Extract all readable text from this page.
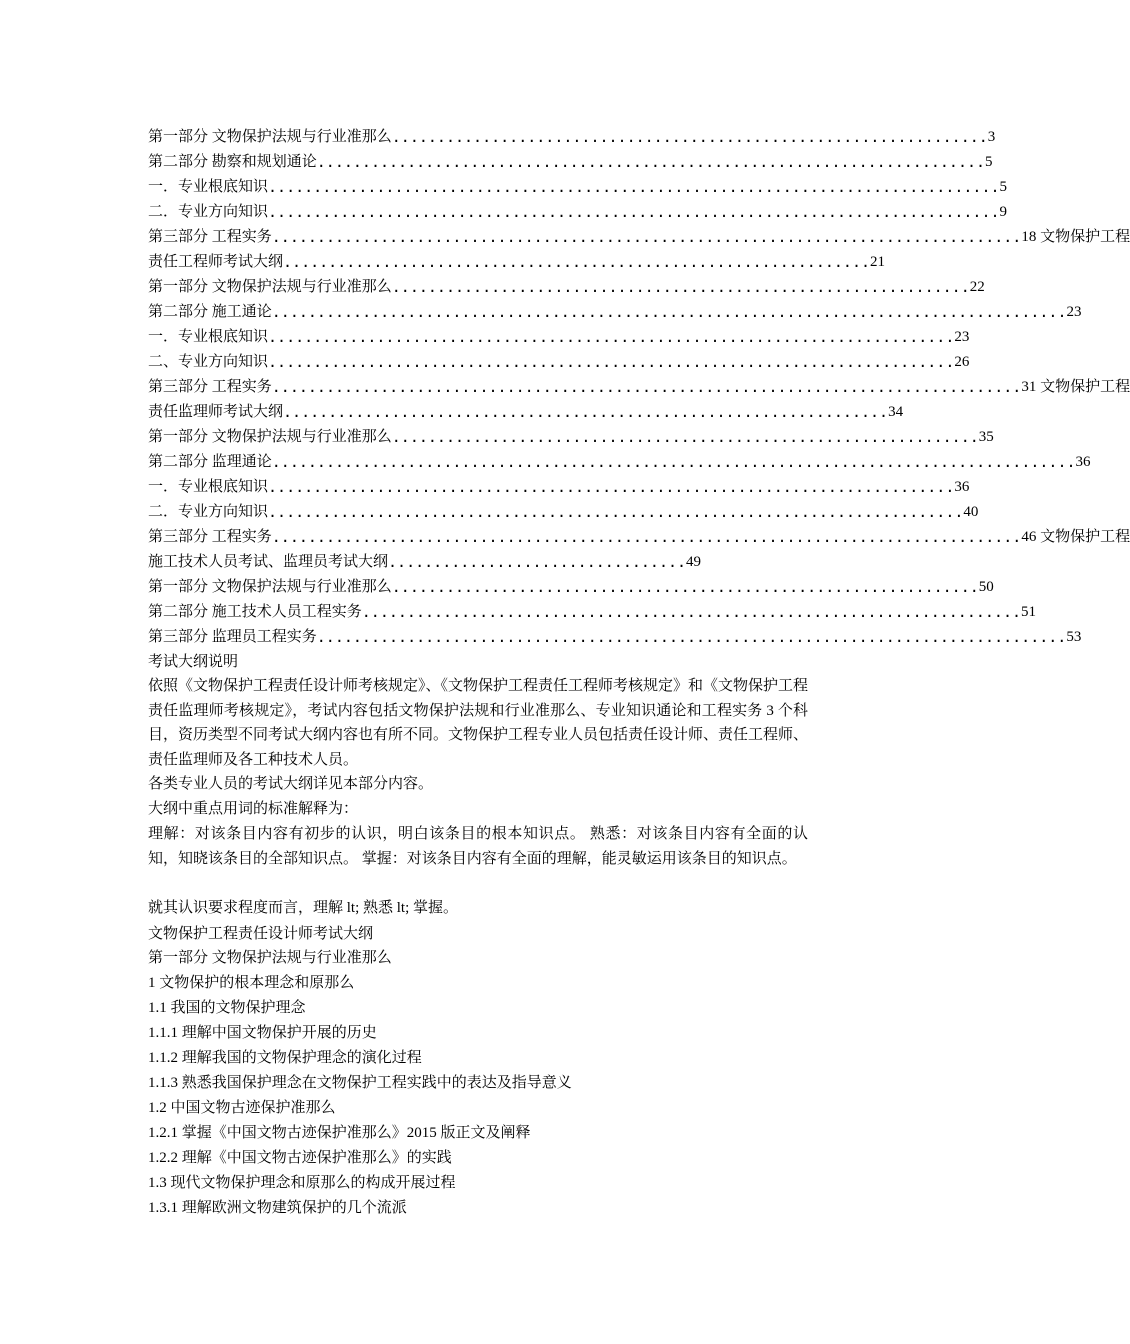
第一部分 文物保护法规与行业准那么 .................................................................. 3
第二部分 勘察和规划通论 .......................................................................... 5
一．专业根底知识 ................................................................................. 5
二．专业方向知识 ................................................................................. 9
第三部分 工程实务 ................................................................................... 18 文物保护工程
责任工程师考试大纲 ................................................................. 21
第一部分 文物保护法规与行业准那么 ................................................................ 22
第二部分 施工通论 ........................................................................................ 23
一．专业根底知识 ............................................................................ 23
二、专业方向知识 ............................................................................ 26
第三部分 工程实务 ................................................................................... 31 文物保护工程
责任监理师考试大纲 ................................................................... 34
第一部分 文物保护法规与行业准那么 ................................................................. 35
第二部分 监理通论 ......................................................................................... 36
一．专业根底知识 ............................................................................ 36
二．专业方向知识 ............................................................................. 40
第三部分 工程实务 ................................................................................... 46 文物保护工程
施工技术人员考试、监理员考试大纲 ................................. 49
第一部分 文物保护法规与行业准那么 ................................................................. 50
第二部分 施工技术人员工程实务 ......................................................................... 51
第三部分 监理员工程实务 ................................................................................... 53
考试大纲说明
依照《文物保护工程责任设计师考核规定》、《文物保护工程责任工程师考核规定》和《文物保护工程责任监理师考核规定》，考试内容包括文物保护法规和行业准那么、专业知识通论和工程实务 3 个科目，资历类型不同考试大纲内容也有所不同。文物保护工程专业人员包括责任设计师、责任工程师、责任监理师及各工种技术人员。
各类专业人员的考试大纲详见本部分内容。
大纲中重点用词的标准解释为：
理解：对该条目内容有初步的认识，明白该条目的根本知识点。 熟悉：对该条目内容有全面的认知，知晓该条目的全部知识点。 掌握：对该条目内容有全面的理解，能灵敏运用该条目的知识点。
就其认识要求程度而言，理解 lt; 熟悉 lt; 掌握。
文物保护工程责任设计师考试大纲
第一部分 文物保护法规与行业准那么
1 文物保护的根本理念和原那么
1.1 我国的文物保护理念
1.1.1 理解中国文物保护开展的历史
1.1.2 理解我国的文物保护理念的演化过程
1.1.3 熟悉我国保护理念在文物保护工程实践中的表达及指导意义
1.2 中国文物古迹保护准那么
1.2.1 掌握《中国文物古迹保护准那么》2015 版正文及阐释
1.2.2 理解《中国文物古迹保护准那么》的实践
1.3 现代文物保护理念和原那么的构成开展过程
1.3.1 理解欧洲文物建筑保护的几个流派
